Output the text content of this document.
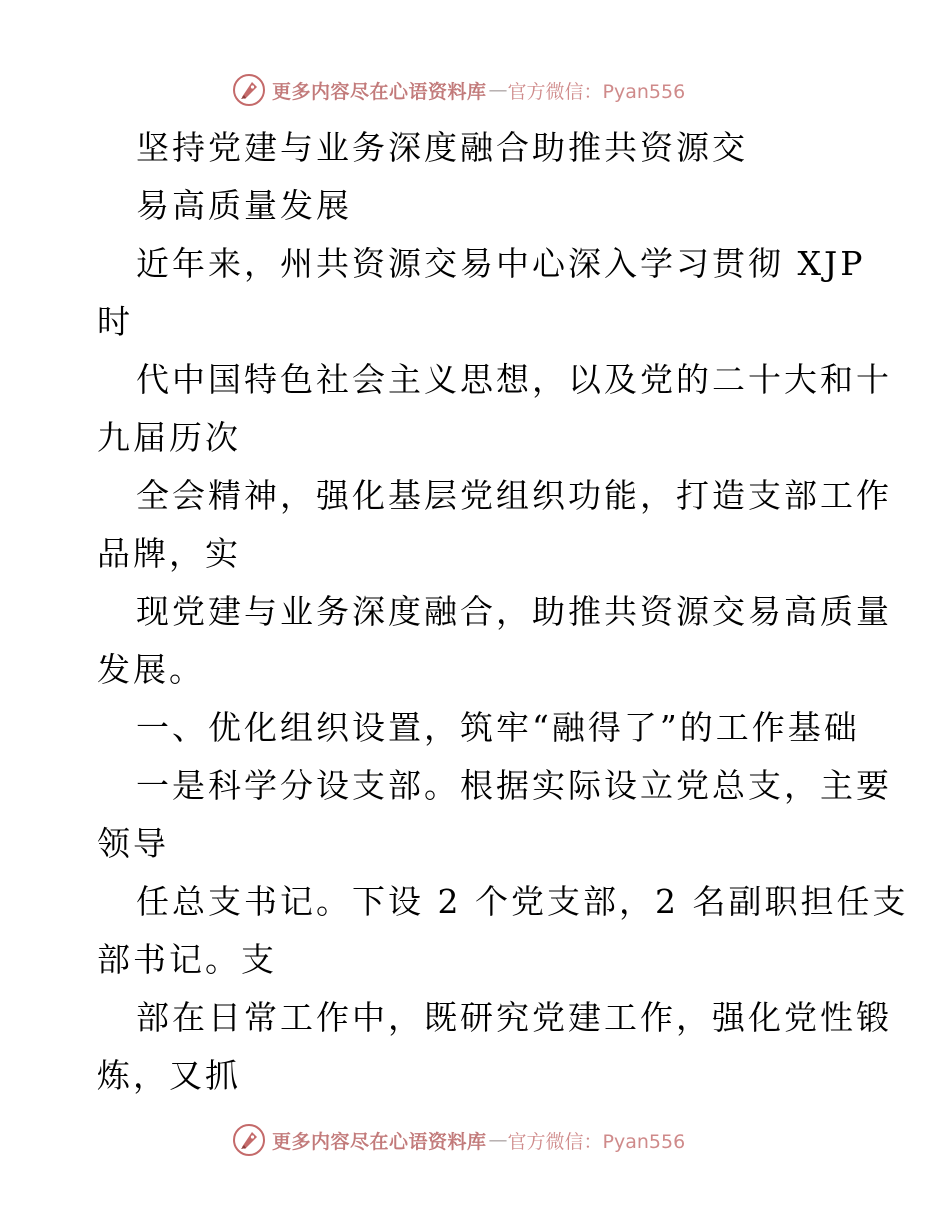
更多内容尽在心语资料库 — 官方微信：Pyan556
坚持党建与业务深度融合助推共资源交
易高质量发展
近年来，州共资源交易中心深入学习贯彻 XJP
时
代中国特色社会主义思想，以及党的二十大和十
九届历次
全会精神，强化基层党组织功能，打造支部工作
品牌，实
现党建与业务深度融合，助推共资源交易高质量
发展。
一、优化组织设置，筑牢“融得了”的工作基础
一是科学分设支部。根据实际设立党总支，主要
领导
任总支书记。下设 2 个党支部，2 名副职担任支
部书记。支
部在日常工作中，既研究党建工作，强化党性锻
炼，又抓
更多内容尽在心语资料库 — 官方微信：Pyan556
